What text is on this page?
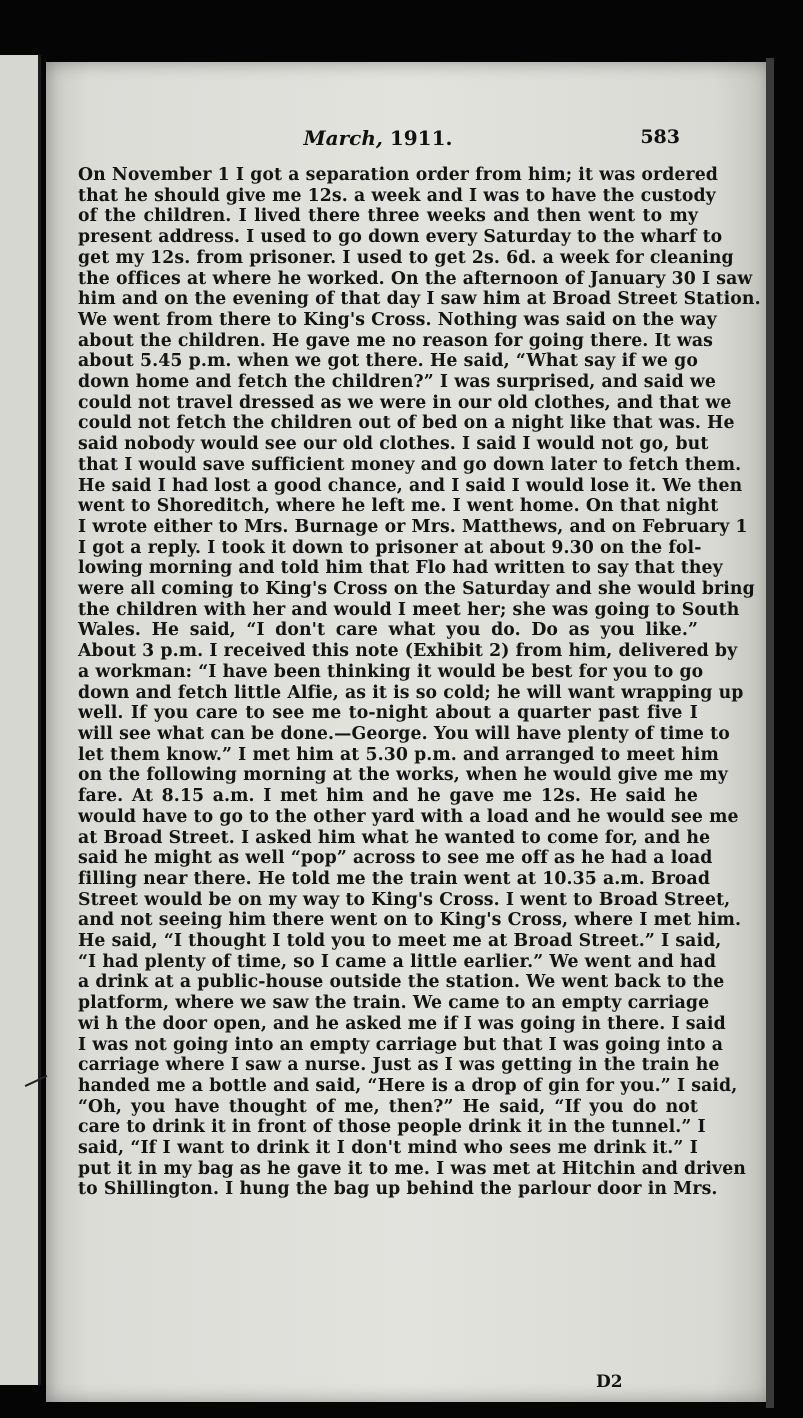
March, 1911.	583
On November 1 I got a separation order from him; it was ordered
that he should give me 12s. a week and I was to have the custody
of the children. I lived there three weeks and then went to my
present address. I used to go down every Saturday to the wharf to
get my 12s. from prisoner. I used to get 2s. 6d. a week for cleaning
the offices at where he worked. On the afternoon of January 30 I saw
him and on the evening of that day I saw him at Broad Street Station.
We went from there to King's Cross. Nothing was said on the way
about the children. He gave me no reason for going there. It was
about 5.45 p.m. when we got there. He said, “What say if we go
down home and fetch the children?” I was surprised, and said we
could not travel dressed as we were in our old clothes, and that we
could not fetch the children out of bed on a night like that was. He
said nobody would see our old clothes. I said I would not go, but
that I would save sufficient money and go down later to fetch them.
He said I had lost a good chance, and I said I would lose it. We then
went to Shoreditch, where he left me. I went home. On that night
I wrote either to Mrs. Burnage or Mrs. Matthews, and on February 1
I got a reply. I took it down to prisoner at about 9.30 on the fol-
lowing morning and told him that Flo had written to say that they
were all coming to King's Cross on the Saturday and she would bring
the children with her and would I meet her; she was going to South
Wales. He said, “I don't care what you do. Do as you like.”
About 3 p.m. I received this note (Exhibit 2) from him, delivered by
a workman: “I have been thinking it would be best for you to go
down and fetch little Alfie, as it is so cold; he will want wrapping up
well. If you care to see me to-night about a quarter past five I
will see what can be done.—George. You will have plenty of time to
let them know.” I met him at 5.30 p.m. and arranged to meet him
on the following morning at the works, when he would give me my
fare. At 8.15 a.m. I met him and he gave me 12s. He said he
would have to go to the other yard with a load and he would see me
at Broad Street. I asked him what he wanted to come for, and he
said he might as well “pop” across to see me off as he had a load
filling near there. He told me the train went at 10.35 a.m. Broad
Street would be on my way to King's Cross. I went to Broad Street,
and not seeing him there went on to King's Cross, where I met him.
He said, “I thought I told you to meet me at Broad Street.” I said,
“I had plenty of time, so I came a little earlier.” We went and had
a drink at a public-house outside the station. We went back to the
platform, where we saw the train. We came to an empty carriage
wi h the door open, and he asked me if I was going in there. I said
I was not going into an empty carriage but that I was going into a
carriage where I saw a nurse. Just as I was getting in the train he
handed me a bottle and said, “Here is a drop of gin for you.” I said,
“Oh, you have thought of me, then?” He said, “If you do not
care to drink it in front of those people drink it in the tunnel.” I
said, “If I want to drink it I don't mind who sees me drink it.” I
put it in my bag as he gave it to me. I was met at Hitchin and driven
to Shillington. I hung the bag up behind the parlour door in Mrs.
D2
